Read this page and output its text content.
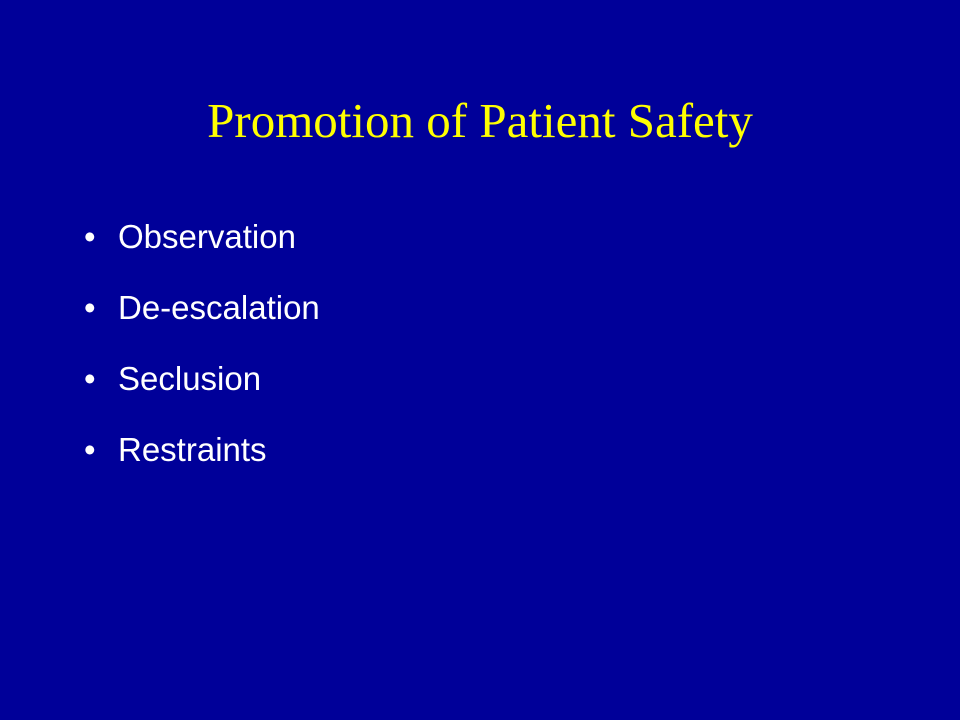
Promotion of Patient Safety
• Observation
• De-escalation
• Seclusion
• Restraints
